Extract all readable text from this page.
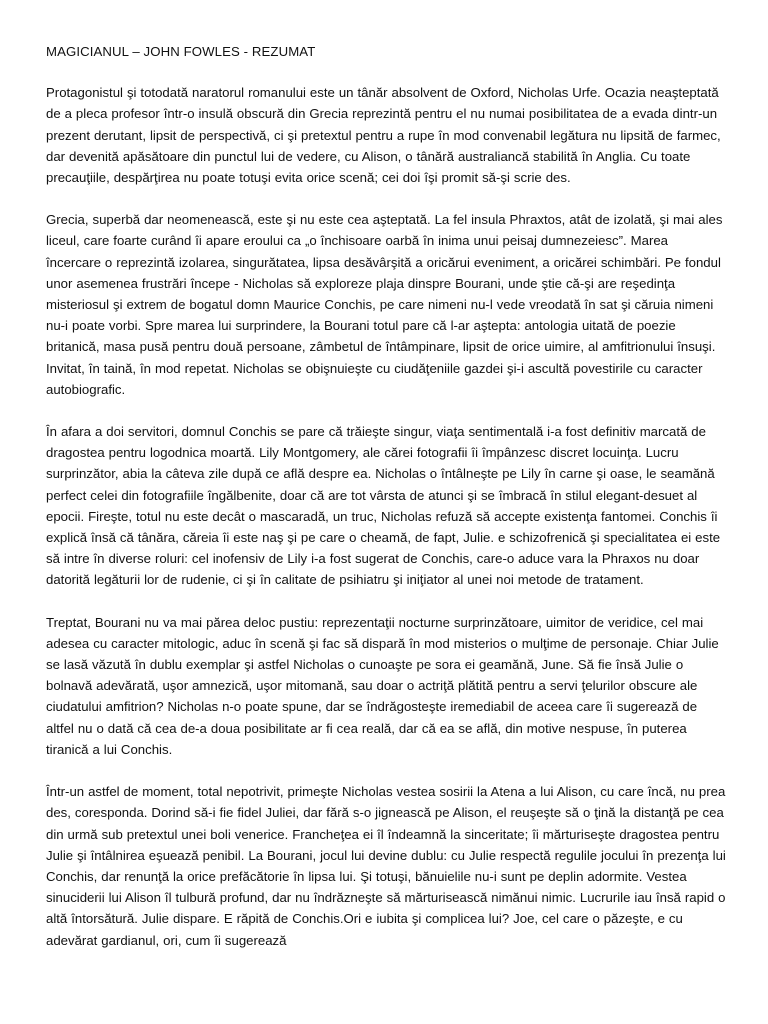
MAGICIANUL – JOHN FOWLES - REZUMAT

Protagonistul şi totodată naratorul romanului este un tânăr absolvent de Oxford, Nicholas Urfe. Ocazia neaşteptată de a pleca profesor într-o insulă obscură din Grecia reprezintă pentru el nu numai posibilitatea de a evada dintr-un prezent derutant, lipsit de perspectivă, ci şi pretextul pentru a rupe în mod convenabil legătura nu lipsită de farmec, dar devenită apăsătoare din punctul lui de vedere, cu Alison, o tânără australiancă stabilită în Anglia. Cu toate precauţiile, despărţirea nu poate totuşi evita orice scenă; cei doi îşi promit să-şi scrie des.

Grecia, superbă dar neomenească, este şi nu este cea aşteptată. La fel insula Phraxtos, atât de izolată, şi mai ales liceul, care foarte curând îi apare eroului ca „o închisoare oarbă în inima unui peisaj dumnezeiesc”. Marea încercare o reprezintă izolarea, singurătatea, lipsa desăvârşită a oricărui eveniment, a oricărei schimbări. Pe fondul unor asemenea frustrări începe - Nicholas să exploreze plaja dinspre Bourani, unde ştie că-şi are reşedinţa misteriosul şi extrem de bogatul domn Maurice Conchis, pe care nimeni nu-l vede vreodată în sat şi căruia nimeni nu-i poate vorbi. Spre marea lui surprindere, la Bourani totul pare că l-ar aştepta: antologia uitată de poezie britanică, masa pusă pentru două persoane, zâmbetul de întâmpinare, lipsit de orice uimire, al amfitrionului însuşi. Invitat, în taină, în mod repetat. Nicholas se obişnuieşte cu ciudăţeniile gazdei şi-i ascultă povestirile cu caracter autobiografic.

În afara a doi servitori, domnul Conchis se pare că trăieşte singur, viaţa sentimentală i-a fost definitiv marcată de dragostea pentru logodnica moartă. Lily Montgomery, ale cărei fotografii îi împânzesc discret locuinţa. Lucru surprinzător, abia la câteva zile după ce află despre ea. Nicholas o întâlneşte pe Lily în carne şi oase, le seamănă perfect celei din fotografiile îngălbenite, doar că are tot vârsta de atunci şi se îmbracă în stilul elegant-desuet al epocii. Fireşte, totul nu este decât o mascaradă, un truc, Nicholas refuză să accepte existenţa fantomei. Conchis îi explică însă că tânăra, căreia îi este naş şi pe care o cheamă, de fapt, Julie. e schizofrenică şi specialitatea ei este să intre în diverse roluri: cel inofensiv de Lily i-a fost sugerat de Conchis, care-o aduce vara la Phraxos nu doar datorită legăturii lor de rudenie, ci şi în calitate de psihiatru şi iniţiator al unei noi metode de tratament.

Treptat, Bourani nu va mai părea deloc pustiu: reprezentaţii nocturne surprinzătoare, uimitor de veridice, cel mai adesea cu caracter mitologic, aduc în scenă şi fac să dispară în mod misterios o mulţime de personaje. Chiar Julie se lasă văzută în dublu exemplar şi astfel Nicholas o cunoaşte pe sora ei geamănă, June. Să fie însă Julie o bolnavă adevărată, uşor amnezică, uşor mitomană, sau doar o actriţă plătită pentru a servi ţelurilor obscure ale ciudatului amfitrion? Nicholas n-o poate spune, dar se îndrăgosteşte iremediabil de aceea care îi sugerează de altfel nu o dată că cea de-a doua posibilitate ar fi cea reală, dar că ea se află, din motive nespuse, în puterea tiranică a lui Conchis.

Într-un astfel de moment, total nepotrivit, primeşte Nicholas vestea sosirii la Atena a lui Alison, cu care încă, nu prea des, coresponda. Dorind să-i fie fidel Juliei, dar fără s-o jignească pe Alison, el reuşeşte să o ţină la distanţă pe cea din urmă sub pretextul unei boli venerice. Francheţea ei îl îndeamnă la sinceritate; îi mărturiseşte dragostea pentru Julie şi întâlnirea eşuează penibil. La Bourani, jocul lui devine dublu: cu Julie respectă regulile jocului în prezenţa lui Conchis, dar renunţă la orice prefăcătorie în lipsa lui. Şi totuşi, bănuielile nu-i sunt pe deplin adormite. Vestea sinuciderii lui Alison îl tulbură profund, dar nu îndrăzneşte să mărturisească nimănui nimic. Lucrurile iau însă rapid o altă întorsătură. Julie dispare. E răpită de Conchis.Ori e iubita şi complicea lui? Joe, cel care o păzeşte, e cu adevărat gardianul, ori, cum îi sugerează
